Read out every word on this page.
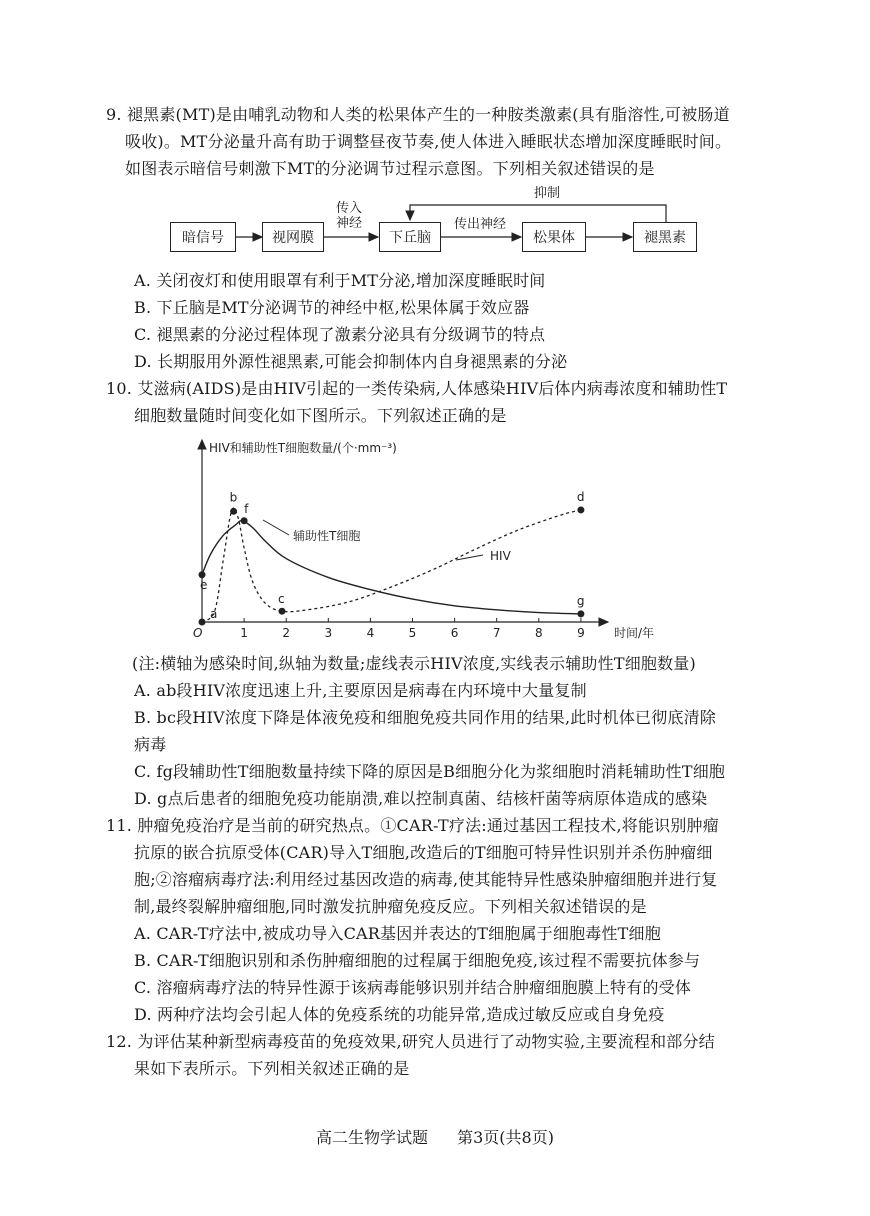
9. 褪黑素(MT)是由哺乳动物和人类的松果体产生的一种胺类激素(具有脂溶性,可被肠道
吸收)。MT分泌量升高有助于调整昼夜节奏,使人体进入睡眠状态增加深度睡眠时间。
如图表示暗信号刺激下MT的分泌调节过程示意图。下列相关叙述错误的是
暗信号	视网膜	下丘脑	松果体	褪黑素
传入神经	传出神经
抑制
A. 关闭夜灯和使用眼罩有利于MT分泌,增加深度睡眠时间
B. 下丘脑是MT分泌调节的神经中枢,松果体属于效应器
C. 褪黑素的分泌过程体现了激素分泌具有分级调节的特点
D. 长期服用外源性褪黑素,可能会抑制体内自身褪黑素的分泌
10. 艾滋病(AIDS)是由HIV引起的一类传染病,人体感染HIV后体内病毒浓度和辅助性T
细胞数量随时间变化如下图所示。下列叙述正确的是
HIV和辅助性T细胞数量/(个·mm⁻³)
时间/年
O	1	2	3	4	5	6	7	8	9
a
b
c
d
e
f
g
辅助性T细胞
HIV
(注:横轴为感染时间,纵轴为数量;虚线表示HIV浓度,实线表示辅助性T细胞数量)
A. ab段HIV浓度迅速上升,主要原因是病毒在内环境中大量复制
B. bc段HIV浓度下降是体液免疫和细胞免疫共同作用的结果,此时机体已彻底清除
病毒
C. fg段辅助性T细胞数量持续下降的原因是B细胞分化为浆细胞时消耗辅助性T细胞
D. g点后患者的细胞免疫功能崩溃,难以控制真菌、结核杆菌等病原体造成的感染
11. 肿瘤免疫治疗是当前的研究热点。①CAR-T疗法:通过基因工程技术,将能识别肿瘤
抗原的嵌合抗原受体(CAR)导入T细胞,改造后的T细胞可特异性识别并杀伤肿瘤细
胞;②溶瘤病毒疗法:利用经过基因改造的病毒,使其能特异性感染肿瘤细胞并进行复
制,最终裂解肿瘤细胞,同时激发抗肿瘤免疫反应。下列相关叙述错误的是
A. CAR-T疗法中,被成功导入CAR基因并表达的T细胞属于细胞毒性T细胞
B. CAR-T细胞识别和杀伤肿瘤细胞的过程属于细胞免疫,该过程不需要抗体参与
C. 溶瘤病毒疗法的特异性源于该病毒能够识别并结合肿瘤细胞膜上特有的受体
D. 两种疗法均会引起人体的免疫系统的功能异常,造成过敏反应或自身免疫
12. 为评估某种新型病毒疫苗的免疫效果,研究人员进行了动物实验,主要流程和部分结
果如下表所示。下列相关叙述正确的是
高二生物学试题 第3页(共8页)
